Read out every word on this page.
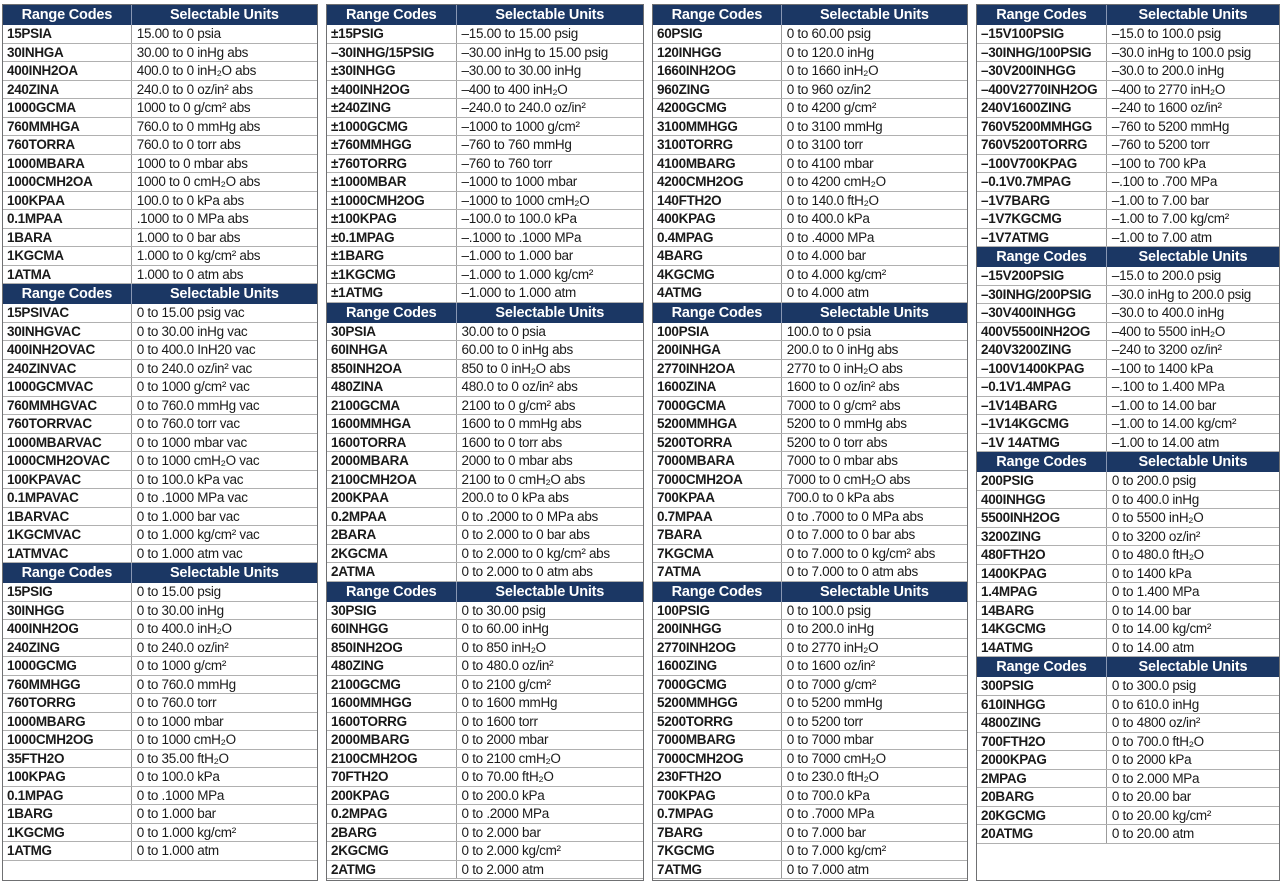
Range Codes	Selectable Units
15PSIA	15.00 to 0 psia
30INHGA	30.00 to 0 inHg abs
400INH2OA	400.0 to 0 inH₂O abs
240ZINA	240.0 to 0 oz/in² abs
1000GCMA	1000 to 0 g/cm² abs
760MMHGA	760.0 to 0 mmHg abs
760TORRA	760.0 to 0 torr abs
1000MBARA	1000 to 0 mbar abs
1000CMH2OA	1000 to 0 cmH₂O abs
100KPAA	100.0 to 0 kPa abs
0.1MPAA	.1000 to 0 MPa abs
1BARA	1.000 to 0 bar abs
1KGCMA	1.000 to 0 kg/cm² abs
1ATMA	1.000 to 0 atm abs
Range Codes	Selectable Units
15PSIVAC	0 to 15.00 psig vac
30INHGVAC	0 to 30.00 inHg vac
400INH2OVAC	0 to 400.0 InH20 vac
240ZINVAC	0 to 240.0 oz/in² vac
1000GCMVAC	0 to 1000 g/cm² vac
760MMHGVAC	0 to 760.0 mmHg vac
760TORRVAC	0 to 760.0 torr vac
1000MBARVAC	0 to 1000 mbar vac
1000CMH2OVAC	0 to 1000 cmH₂O vac
100KPAVAC	0 to 100.0 kPa vac
0.1MPAVAC	0 to .1000 MPa vac
1BARVAC	0 to 1.000 bar vac
1KGCMVAC	0 to 1.000 kg/cm² vac
1ATMVAC	0 to 1.000 atm vac
Range Codes	Selectable Units
15PSIG	0 to 15.00 psig
30INHGG	0 to 30.00 inHg
400INH2OG	0 to 400.0 inH₂O
240ZING	0 to 240.0 oz/in²
1000GCMG	0 to 1000 g/cm²
760MMHGG	0 to 760.0 mmHg
760TORRG	0 to 760.0 torr
1000MBARG	0 to 1000 mbar
1000CMH2OG	0 to 1000 cmH₂O
35FTH2O	0 to 35.00 ftH₂O
100KPAG	0 to 100.0 kPa
0.1MPAG	0 to .1000 MPa
1BARG	0 to 1.000 bar
1KGCMG	0 to 1.000 kg/cm²
1ATMG	0 to 1.000 atm
Range Codes	Selectable Units
±15PSIG	–15.00 to 15.00 psig
–30INHG/15PSIG	–30.00 inHg to 15.00 psig
±30INHGG	–30.00 to 30.00 inHg
±400INH2OG	–400 to 400 inH₂O
±240ZING	–240.0 to 240.0 oz/in²
±1000GCMG	–1000 to 1000 g/cm²
±760MMHGG	–760 to 760 mmHg
±760TORRG	–760 to 760 torr
±1000MBAR	–1000 to 1000 mbar
±1000CMH2OG	–1000 to 1000 cmH₂O
±100KPAG	–100.0 to 100.0 kPa
±0.1MPAG	–.1000 to .1000 MPa
±1BARG	–1.000 to 1.000 bar
±1KGCMG	–1.000 to 1.000 kg/cm²
±1ATMG	–1.000 to 1.000 atm
Range Codes	Selectable Units
30PSIA	30.00 to 0 psia
60INHGA	60.00 to 0 inHg abs
850INH2OA	850 to 0 inH₂O abs
480ZINA	480.0 to 0 oz/in² abs
2100GCMA	2100 to 0 g/cm² abs
1600MMHGA	1600 to 0 mmHg abs
1600TORRA	1600 to 0 torr abs
2000MBARA	2000 to 0 mbar abs
2100CMH2OA	2100 to 0 cmH₂O abs
200KPAA	200.0 to 0 kPa abs
0.2MPAA	0 to .2000 to 0 MPa abs
2BARA	0 to 2.000 to 0 bar abs
2KGCMA	0 to 2.000 to 0 kg/cm² abs
2ATMA	0 to 2.000 to 0 atm abs
Range Codes	Selectable Units
30PSIG	0 to 30.00 psig
60INHGG	0 to 60.00 inHg
850INH2OG	0 to 850 inH₂O
480ZING	0 to 480.0 oz/in²
2100GCMG	0 to 2100 g/cm²
1600MMHGG	0 to 1600 mmHg
1600TORRG	0 to 1600 torr
2000MBARG	0 to 2000 mbar
2100CMH2OG	0 to 2100 cmH₂O
70FTH2O	0 to 70.00 ftH₂O
200KPAG	0 to 200.0 kPa
0.2MPAG	0 to .2000 MPa
2BARG	0 to 2.000 bar
2KGCMG	0 to 2.000 kg/cm²
2ATMG	0 to 2.000 atm
Range Codes	Selectable Units
60PSIG	0 to 60.00 psig
120INHGG	0 to 120.0 inHg
1660INH2OG	0 to 1660 inH₂O
960ZING	0 to 960 oz/in2
4200GCMG	0 to 4200 g/cm²
3100MMHGG	0 to 3100 mmHg
3100TORRG	0 to 3100 torr
4100MBARG	0 to 4100 mbar
4200CMH2OG	0 to 4200 cmH₂O
140FTH2O	0 to 140.0 ftH₂O
400KPAG	0 to 400.0 kPa
0.4MPAG	0 to .4000 MPa
4BARG	0 to 4.000 bar
4KGCMG	0 to 4.000 kg/cm²
4ATMG	0 to 4.000 atm
Range Codes	Selectable Units
100PSIA	100.0 to 0 psia
200INHGA	200.0 to 0 inHg abs
2770INH2OA	2770 to 0 inH₂O abs
1600ZINA	1600 to 0 oz/in² abs
7000GCMA	7000 to 0 g/cm² abs
5200MMHGA	5200 to 0 mmHg abs
5200TORRA	5200 to 0 torr abs
7000MBARA	7000 to 0 mbar abs
7000CMH2OA	7000 to 0 cmH₂O abs
700KPAA	700.0 to 0 kPa abs
0.7MPAA	0 to .7000 to 0 MPa abs
7BARA	0 to 7.000 to 0 bar abs
7KGCMA	0 to 7.000 to 0 kg/cm² abs
7ATMA	0 to 7.000 to 0 atm abs
Range Codes	Selectable Units
100PSIG	0 to 100.0 psig
200INHGG	0 to 200.0 inHg
2770INH2OG	0 to 2770 inH₂O
1600ZING	0 to 1600 oz/in²
7000GCMG	0 to 7000 g/cm²
5200MMHGG	0 to 5200 mmHg
5200TORRG	0 to 5200 torr
7000MBARG	0 to 7000 mbar
7000CMH2OG	0 to 7000 cmH₂O
230FTH2O	0 to 230.0 ftH₂O
700KPAG	0 to 700.0 kPa
0.7MPAG	0 to .7000 MPa
7BARG	0 to 7.000 bar
7KGCMG	0 to 7.000 kg/cm²
7ATMG	0 to 7.000 atm
Range Codes	Selectable Units
–15V100PSIG	–15.0 to 100.0 psig
–30INHG/100PSIG	–30.0 inHg to 100.0 psig
–30V200INHGG	–30.0 to 200.0 inHg
–400V2770INH2OG	–400 to 2770 inH₂O
240V1600ZING	–240 to 1600 oz/in²
760V5200MMHGG	–760 to 5200 mmHg
760V5200TORRG	–760 to 5200 torr
–100V700KPAG	–100 to 700 kPa
–0.1V0.7MPAG	–.100 to .700 MPa
–1V7BARG	–1.00 to 7.00 bar
–1V7KGCMG	–1.00 to 7.00 kg/cm²
–1V7ATMG	–1.00 to 7.00 atm
Range Codes	Selectable Units
–15V200PSIG	–15.0 to 200.0 psig
–30INHG/200PSIG	–30.0 inHg to 200.0 psig
–30V400INHGG	–30.0 to 400.0 inHg
400V5500INH2OG	–400 to 5500 inH₂O
240V3200ZING	–240 to 3200 oz/in²
–100V1400KPAG	–100 to 1400 kPa
–0.1V1.4MPAG	–.100 to 1.400 MPa
–1V14BARG	–1.00 to 14.00 bar
–1V14KGCMG	–1.00 to 14.00 kg/cm²
–1V 14ATMG	–1.00 to 14.00 atm
Range Codes	Selectable Units
200PSIG	0 to 200.0 psig
400INHGG	0 to 400.0 inHg
5500INH2OG	0 to 5500 inH₂O
3200ZING	0 to 3200 oz/in²
480FTH2O	0 to 480.0 ftH₂O
1400KPAG	0 to 1400 kPa
1.4MPAG	0 to 1.400 MPa
14BARG	0 to 14.00 bar
14KGCMG	0 to 14.00 kg/cm²
14ATMG	0 to 14.00 atm
Range Codes	Selectable Units
300PSIG	0 to 300.0 psig
610INHGG	0 to 610.0 inHg
4800ZING	0 to 4800 oz/in²
700FTH2O	0 to 700.0 ftH₂O
2000KPAG	0 to 2000 kPa
2MPAG	0 to 2.000 MPa
20BARG	0 to 20.00 bar
20KGCMG	0 to 20.00 kg/cm²
20ATMG	0 to 20.00 atm
